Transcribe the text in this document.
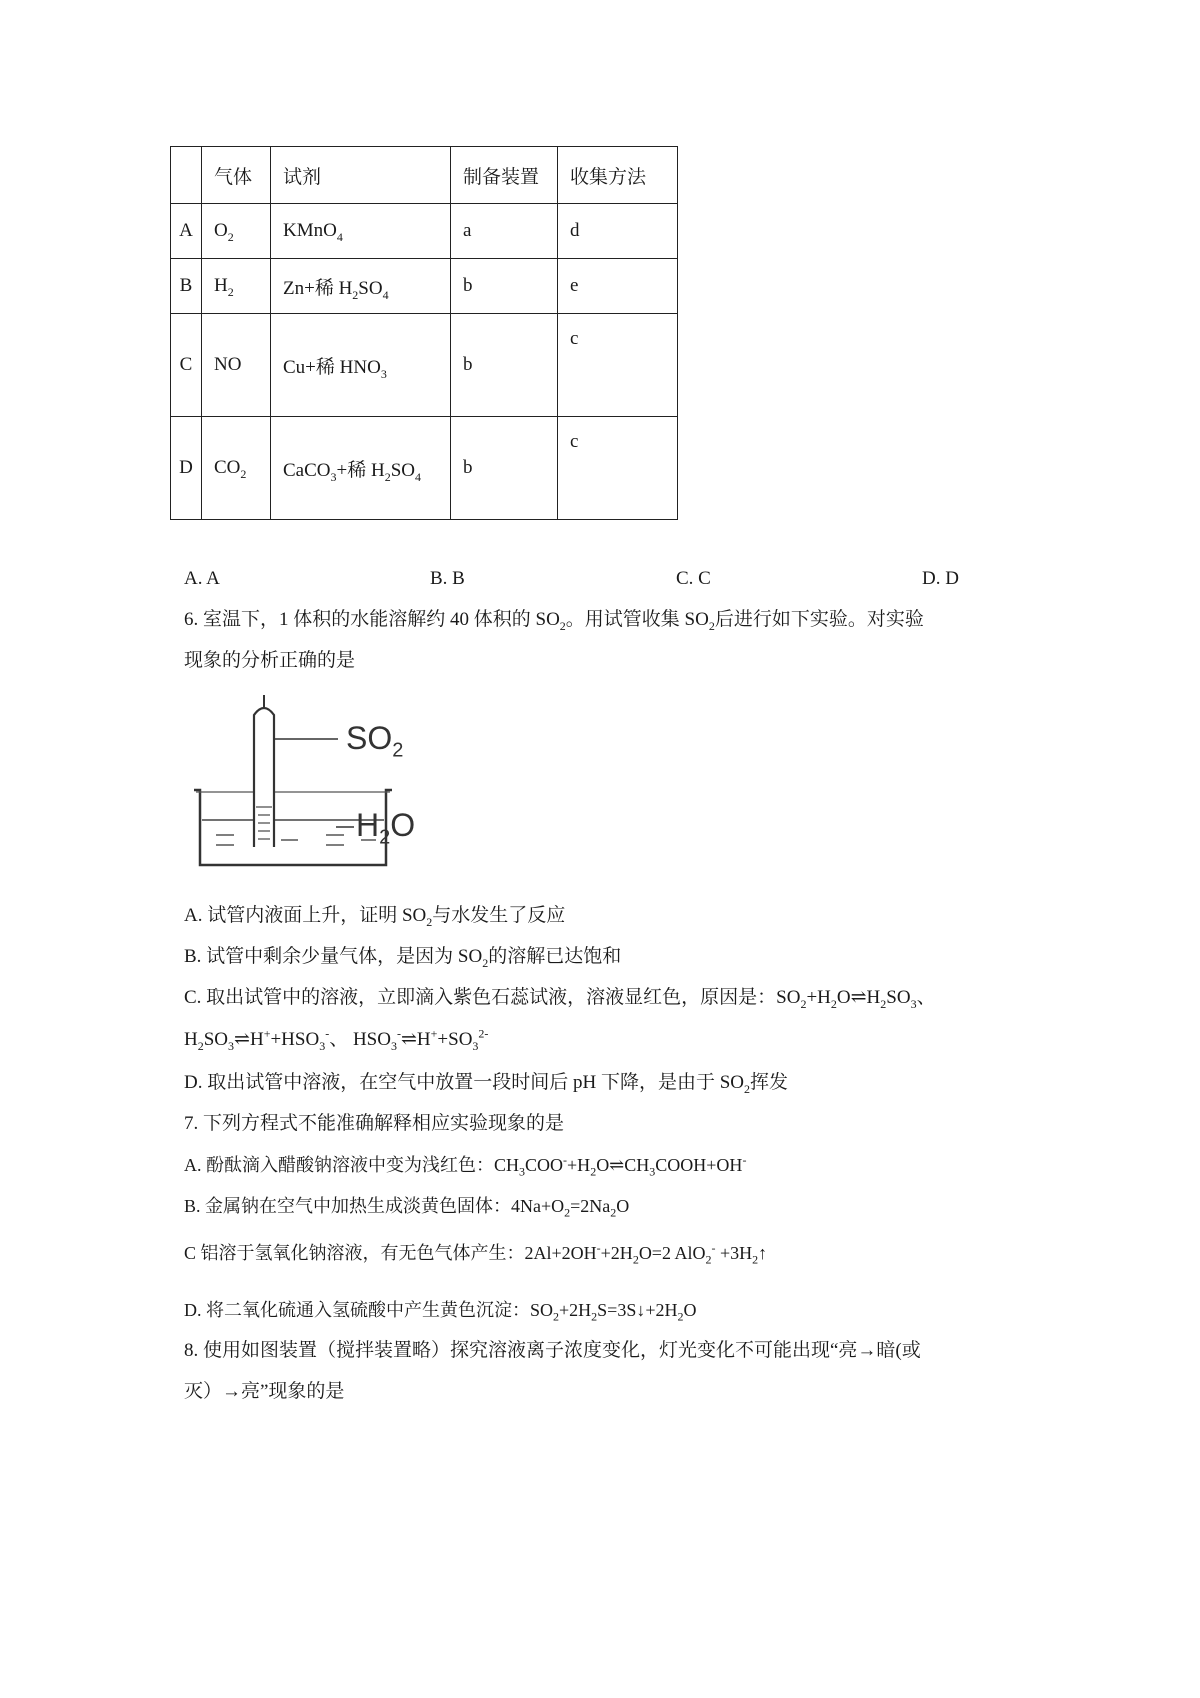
	气体	试剂	制备装置	收集方法
A	$O_2$	KMnO$_4$	a	d
B	$H_2$	Zn+稀 $H_2SO_4$	b	e
C	NO	Cu+稀 $HNO_3$	b	c
D	$CO_2$	CaCO$_3$+稀 $H_2SO_4$	b	c
A. A	B. B	C. C	D. D
6. 室温下，1 体积的水能溶解约 40 体积的 $SO_2$。用试管收集 $SO_2$后进行如下实验。对实验
现象的分析正确的是
$SO_2$
$H_2O$
A. 试管内液面上升，证明 $SO_2$与水发生了反应
B. 试管中剩余少量气体，是因为 $SO_2$的溶解已达饱和
C. 取出试管中的溶液，立即滴入紫色石蕊试液，溶液显红色，原因是：$SO_2+H_2O\rightleftharpoons H_2SO_3$、
$H_2SO_3\rightleftharpoons H^++HSO_3^-$、 $HSO_3^-\rightleftharpoons H^++SO_3^{2-}$
D. 取出试管中溶液，在空气中放置一段时间后 pH 下降，是由于 $SO_2$挥发
7. 下列方程式不能准确解释相应实验现象的是
A. 酚酞滴入醋酸钠溶液中变为浅红色：$CH_3COO^-+H_2O\rightleftharpoons CH_3COOH+OH^-$
B. 金属钠在空气中加热生成淡黄色固体：$4Na+O_2=2Na_2O$
C 铝溶于氢氧化钠溶液，有无色气体产生：$2Al+2OH^-+2H_2O=2$ $AlO_2^- +3H_2↑$
D. 将二氧化硫通入氢硫酸中产生黄色沉淀：$SO_2+2H_2S=3S↓+2H_2O$
8. 使用如图装置（搅拌装置略）探究溶液离子浓度变化，灯光变化不可能出现“亮→暗(或
灭）→亮”现象的是
